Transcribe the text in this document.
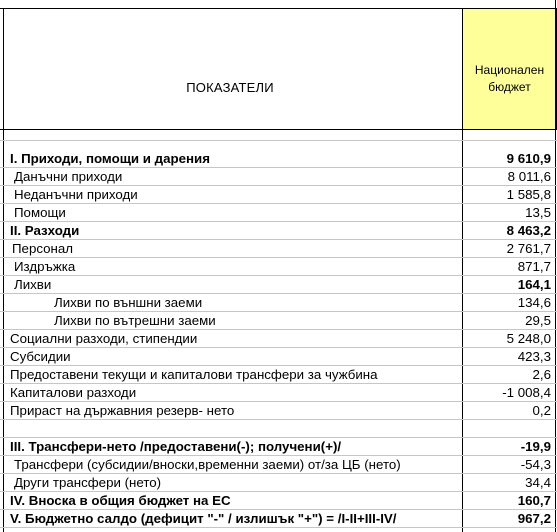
ПОКАЗАТЕЛИ
Национален
бюджет
I. Приходи, помощи и дарения	9 610,9
Данъчни приходи	8 011,6
Неданъчни приходи	1 585,8
Помощи	13,5
II. Разходи	8 463,2
Персонал	2 761,7
Издръжка	871,7
Лихви	164,1
Лихви по външни заеми	134,6
Лихви по вътрешни заеми	29,5
Социални разходи, стипендии	5 248,0
Субсидии	423,3
Предоставени текущи и капиталови трансфери за чужбина	2,6
Капиталови разходи	-1 008,4
Прираст на държавния резерв- нето	0,2
III. Трансфери-нето /предоставени(-); получени(+)/	-19,9
Трансфери (субсидии/вноски,временни заеми) от/за ЦБ (нето)	-54,3
Други трансфери (нето)	34,4
IV. Вноска в общия бюджет на ЕС	160,7
V. Бюджетно салдо (дефицит "-" / излишък "+") = /I-II+III-IV/	967,2
